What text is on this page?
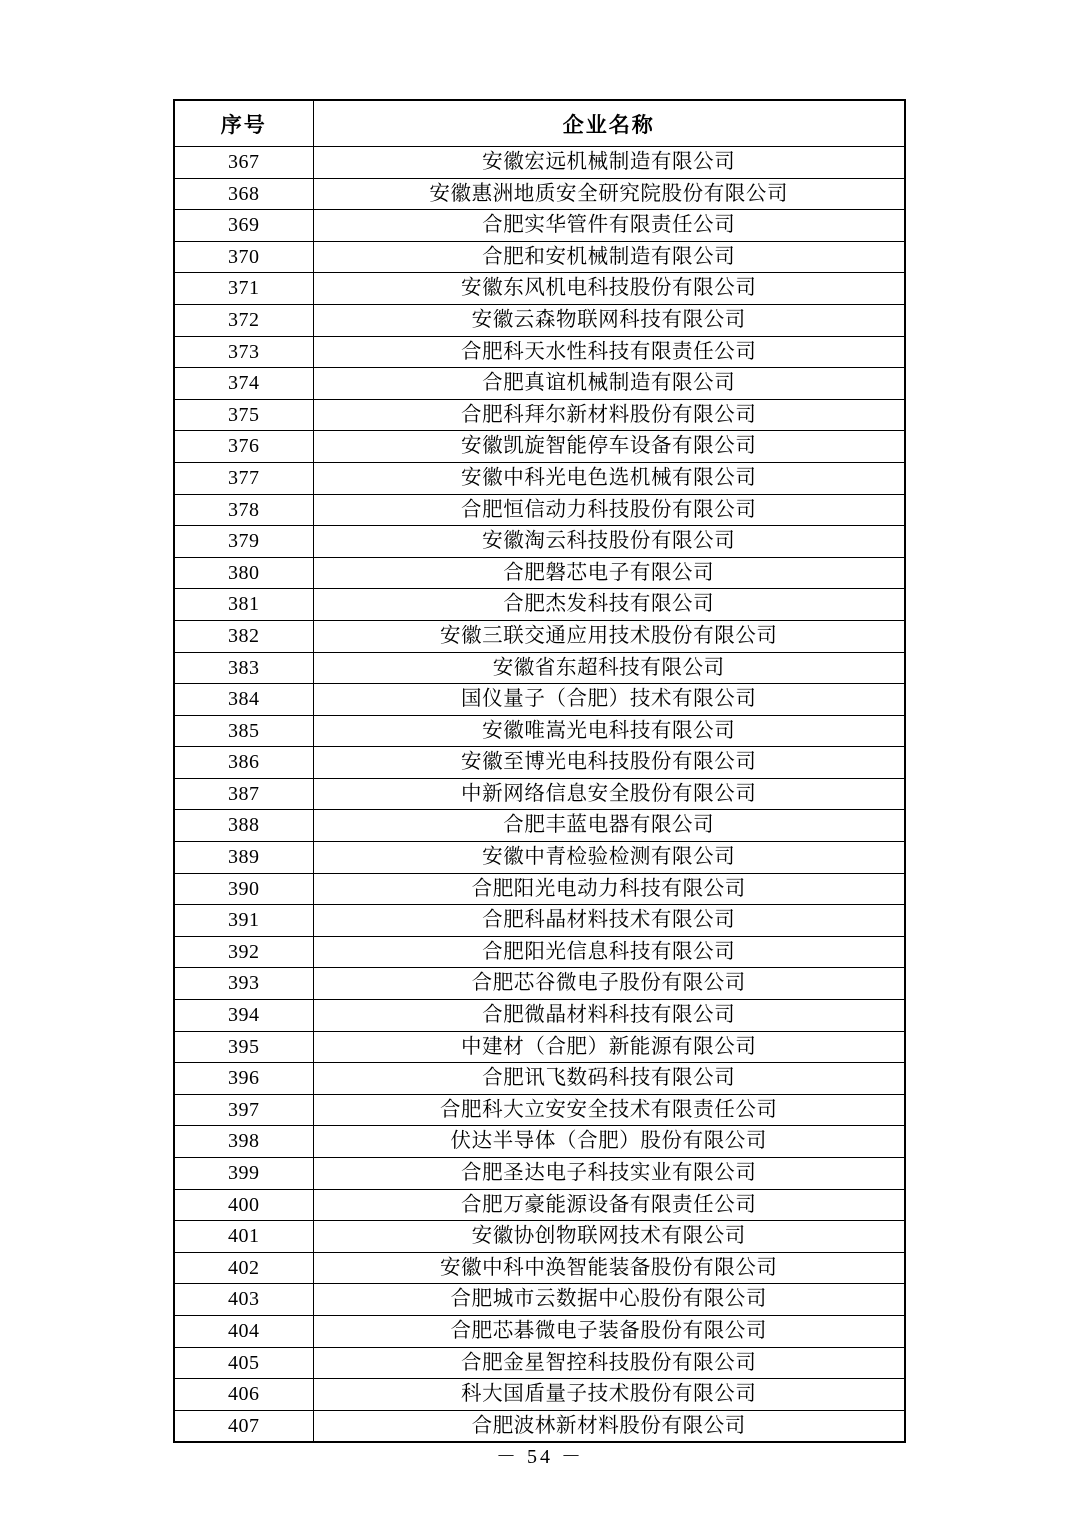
序号	企业名称
367	安徽宏远机械制造有限公司
368	安徽惠洲地质安全研究院股份有限公司
369	合肥实华管件有限责任公司
370	合肥和安机械制造有限公司
371	安徽东风机电科技股份有限公司
372	安徽云森物联网科技有限公司
373	合肥科天水性科技有限责任公司
374	合肥真谊机械制造有限公司
375	合肥科拜尔新材料股份有限公司
376	安徽凯旋智能停车设备有限公司
377	安徽中科光电色选机械有限公司
378	合肥恒信动力科技股份有限公司
379	安徽淘云科技股份有限公司
380	合肥磐芯电子有限公司
381	合肥杰发科技有限公司
382	安徽三联交通应用技术股份有限公司
383	安徽省东超科技有限公司
384	国仪量子（合肥）技术有限公司
385	安徽唯嵩光电科技有限公司
386	安徽至博光电科技股份有限公司
387	中新网络信息安全股份有限公司
388	合肥丰蓝电器有限公司
389	安徽中青检验检测有限公司
390	合肥阳光电动力科技有限公司
391	合肥科晶材料技术有限公司
392	合肥阳光信息科技有限公司
393	合肥芯谷微电子股份有限公司
394	合肥微晶材料科技有限公司
395	中建材（合肥）新能源有限公司
396	合肥讯飞数码科技有限公司
397	合肥科大立安安全技术有限责任公司
398	伏达半导体（合肥）股份有限公司
399	合肥圣达电子科技实业有限公司
400	合肥万豪能源设备有限责任公司
401	安徽协创物联网技术有限公司
402	安徽中科中涣智能装备股份有限公司
403	合肥城市云数据中心股份有限公司
404	合肥芯碁微电子装备股份有限公司
405	合肥金星智控科技股份有限公司
406	科大国盾量子技术股份有限公司
407	合肥波林新材料股份有限公司
－ 54 －
